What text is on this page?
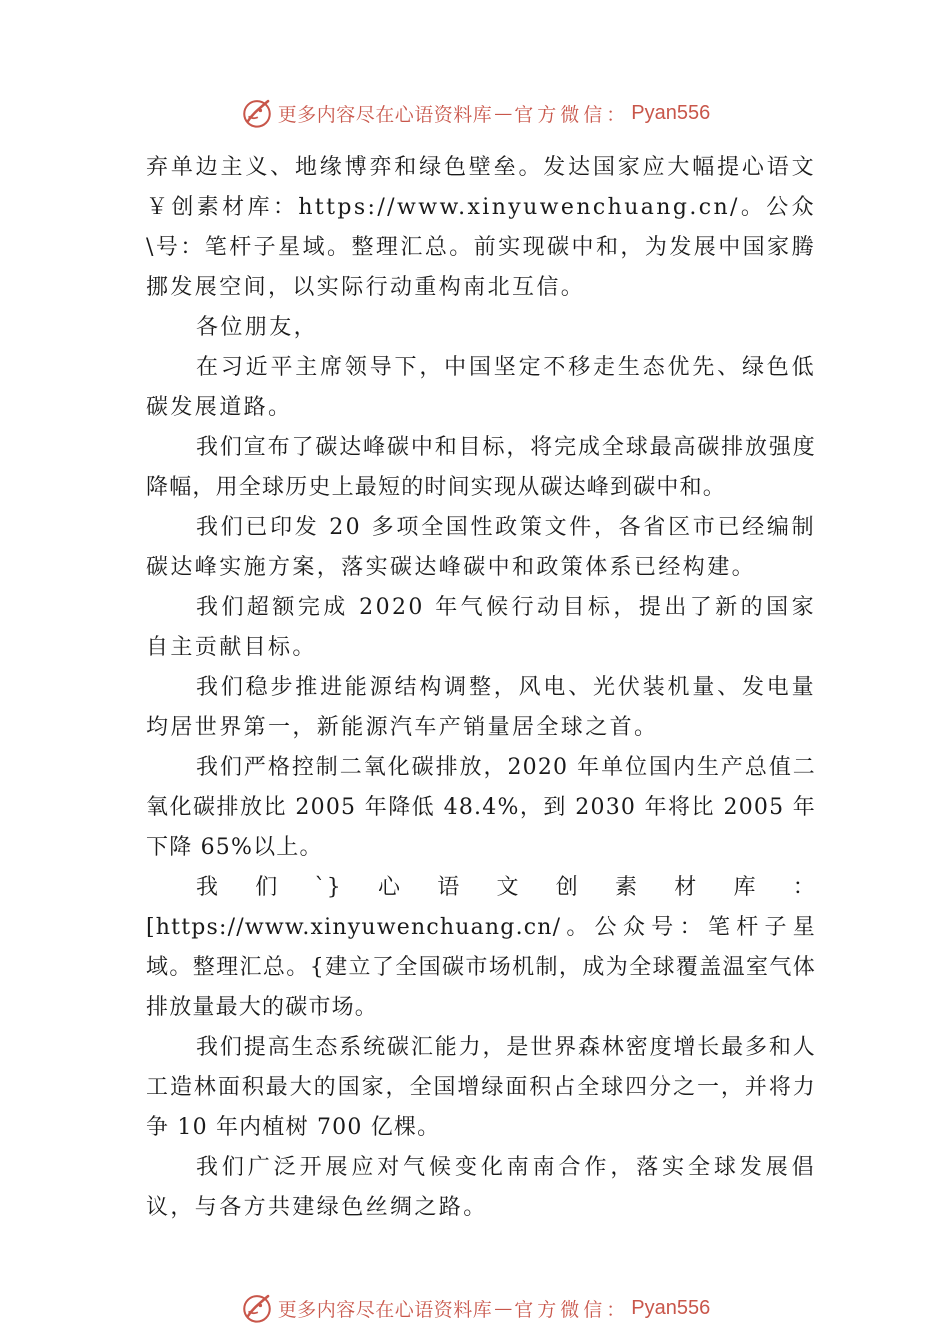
更多内容尽在心语资料库 — 官方微信： Pyan556

弃单边主义、地缘博弈和绿色壁垒。发达国家应大幅提心语文￥创素材库：https://www.xinyuwenchuang.cn/。公众\号：笔杆子星域。整理汇总。前实现碳中和，为发展中国家腾挪发展空间，以实际行动重构南北互信。

各位朋友，

在习近平主席领导下，中国坚定不移走生态优先、绿色低碳发展道路。

我们宣布了碳达峰碳中和目标，将完成全球最高碳排放强度降幅，用全球历史上最短的时间实现从碳达峰到碳中和。

我们已印发 20 多项全国性政策文件，各省区市已经编制碳达峰实施方案，落实碳达峰碳中和政策体系已经构建。

我们超额完成 2020 年气候行动目标，提出了新的国家自主贡献目标。

我们稳步推进能源结构调整，风电、光伏装机量、发电量均居世界第一，新能源汽车产销量居全球之首。

我们严格控制二氧化碳排放，2020 年单位国内生产总值二氧化碳排放比 2005 年降低 48.4%，到 2030 年将比 2005 年下降 65%以上。

我们`}心语文创素材库：[https://www.xinyuwenchuang.cn/。公众号：笔杆子星域。整理汇总。{建立了全国碳市场机制，成为全球覆盖温室气体排放量最大的碳市场。

我们提高生态系统碳汇能力，是世界森林密度增长最多和人工造林面积最大的国家，全国增绿面积占全球四分之一，并将力争 10 年内植树 700 亿棵。

我们广泛开展应对气候变化南南合作，落实全球发展倡议，与各方共建绿色丝绸之路。

更多内容尽在心语资料库 — 官方微信： Pyan556
